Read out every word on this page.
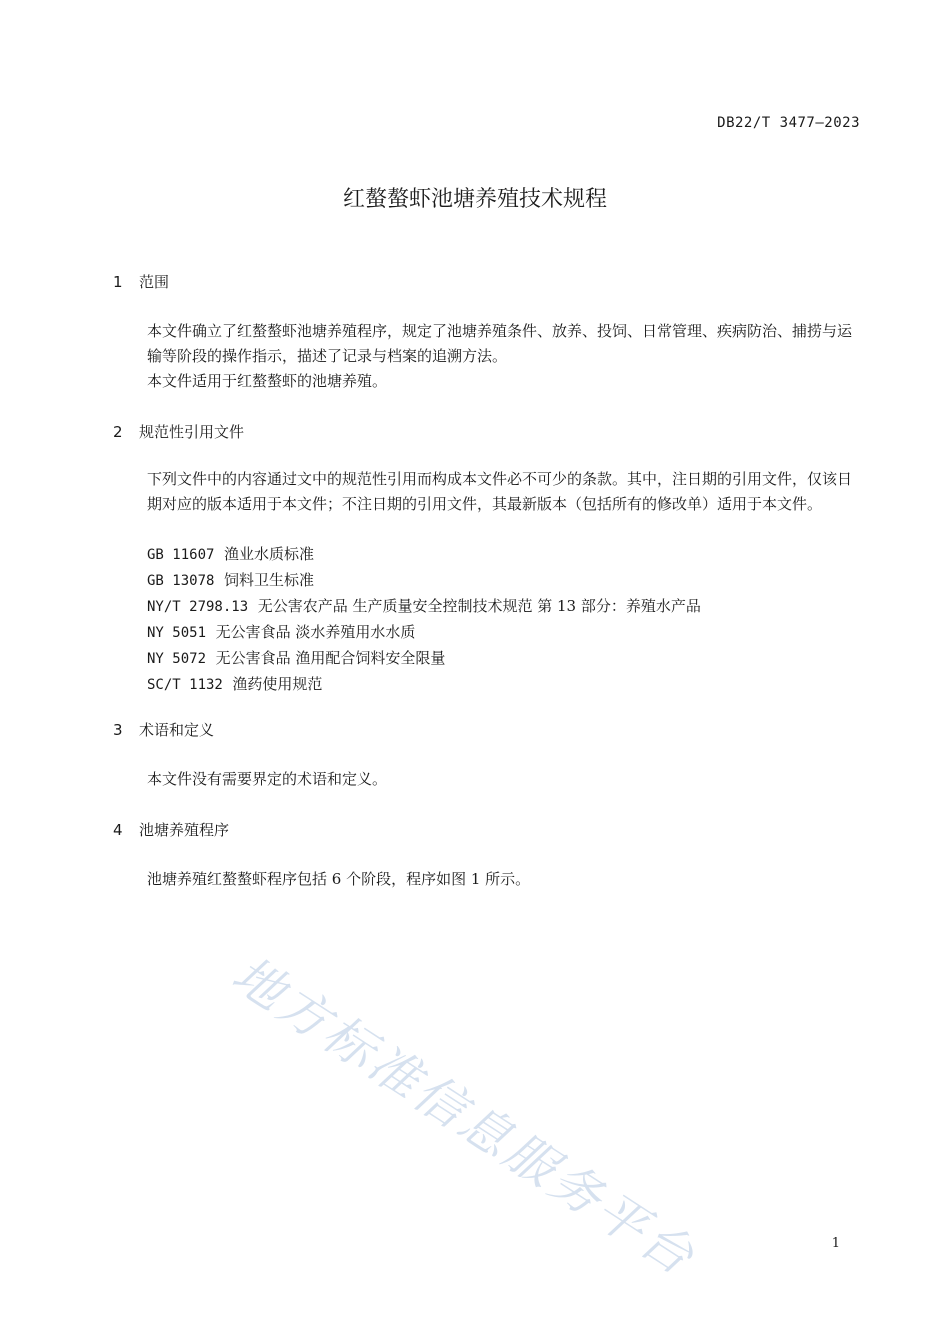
DB22/T 3477—2023
红螯螯虾池塘养殖技术规程
1 范围
本文件确立了红螯螯虾池塘养殖程序，规定了池塘养殖条件、放养、投饲、日常管理、疾病防治、捕捞与运输等阶段的操作指示，描述了记录与档案的追溯方法。
本文件适用于红螯螯虾的池塘养殖。
2 规范性引用文件
下列文件中的内容通过文中的规范性引用而构成本文件必不可少的条款。其中，注日期的引用文件，仅该日期对应的版本适用于本文件；不注日期的引用文件，其最新版本（包括所有的修改单）适用于本文件。
GB 11607 渔业水质标准
GB 13078 饲料卫生标准
NY/T 2798.13 无公害农产品 生产质量安全控制技术规范 第 13 部分：养殖水产品
NY 5051 无公害食品 淡水养殖用水水质
NY 5072 无公害食品 渔用配合饲料安全限量
SC/T 1132 渔药使用规范
3 术语和定义
本文件没有需要界定的术语和定义。
4 池塘养殖程序
池塘养殖红螯螯虾程序包括 6 个阶段，程序如图 1 所示。
地方标准信息服务平台	1
